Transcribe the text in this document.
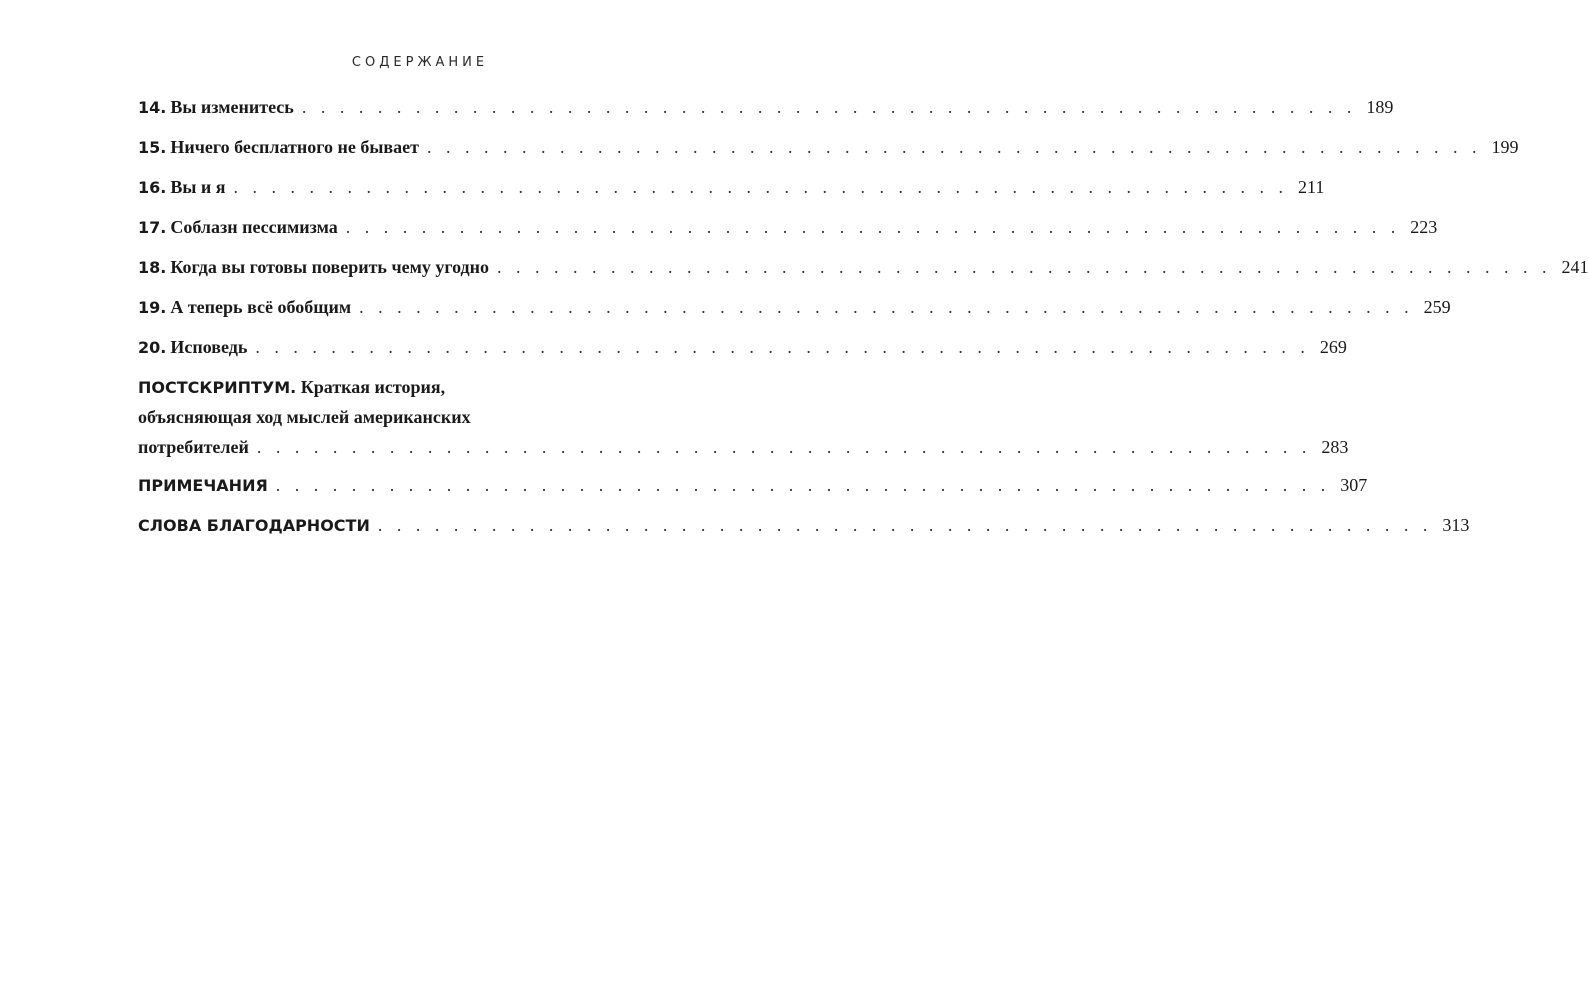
СОДЕРЖАНИЕ
14. Вы изменитесь . . . . . . . . . . . . . . . . . . . . . . . . . . . . . . . . . . . . . . . . . . . . . . . . . . . . . . . . 189
15. Ничего бесплатного не бывает . . . . . . . . . . . . . . . . . . . . . . . . . . . . . . . . . . . . . . . . . . . . . . . . . . . . . . . . 199
16. Вы и я . . . . . . . . . . . . . . . . . . . . . . . . . . . . . . . . . . . . . . . . . . . . . . . . . . . . . . . . 211
17. Соблазн пессимизма . . . . . . . . . . . . . . . . . . . . . . . . . . . . . . . . . . . . . . . . . . . . . . . . . . . . . . . . 223
18. Когда вы готовы поверить чему угодно . . . . . . . . . . . . . . . . . . . . . . . . . . . . . . . . . . . . . . . . . . . . . . . . . . . . . . . . 241
19. А теперь всё обобщим . . . . . . . . . . . . . . . . . . . . . . . . . . . . . . . . . . . . . . . . . . . . . . . . . . . . . . . . 259
20. Исповедь . . . . . . . . . . . . . . . . . . . . . . . . . . . . . . . . . . . . . . . . . . . . . . . . . . . . . . . . 269
ПОСТСКРИПТУМ. Краткая история,
объясняющая ход мыслей американских
потребителей . . . . . . . . . . . . . . . . . . . . . . . . . . . . . . . . . . . . . . . . . . . . . . . . . . . . . . . . 283
ПРИМЕЧАНИЯ . . . . . . . . . . . . . . . . . . . . . . . . . . . . . . . . . . . . . . . . . . . . . . . . . . . . . . . . 307
СЛОВА БЛАГОДАРНОСТИ . . . . . . . . . . . . . . . . . . . . . . . . . . . . . . . . . . . . . . . . . . . . . . . . . . . . . . . . 313
